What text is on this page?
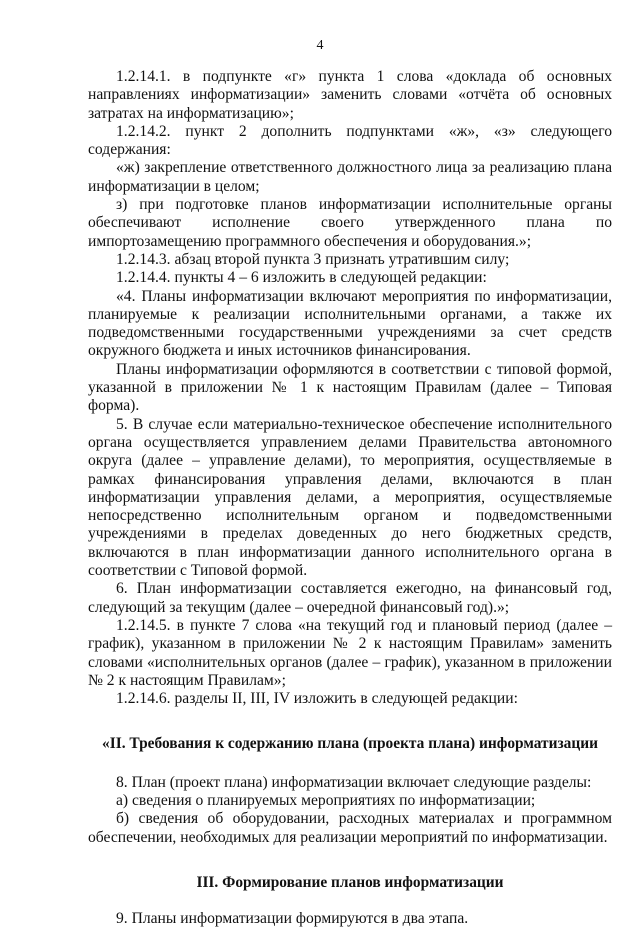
4

1.2.14.1. в подпункте «г» пункта 1 слова «доклада об основных направлениях информатизации» заменить словами «отчёта об основных затратах на информатизацию»;

1.2.14.2. пункт 2 дополнить подпунктами «ж», «з» следующего содержания:

«ж) закрепление ответственного должностного лица за реализацию плана информатизации в целом;

з) при подготовке планов информатизации исполнительные органы обеспечивают исполнение своего утвержденного плана по импортозамещению программного обеспечения и оборудования.»;

1.2.14.3. абзац второй пункта 3 признать утратившим силу;

1.2.14.4. пункты 4 – 6 изложить в следующей редакции:

«4. Планы информатизации включают мероприятия по информатизации, планируемые к реализации исполнительными органами, а также их подведомственными государственными учреждениями за счет средств окружного бюджета и иных источников финансирования.

Планы информатизации оформляются в соответствии с типовой формой, указанной в приложении № 1 к настоящим Правилам (далее – Типовая форма).

5. В случае если материально-техническое обеспечение исполнительного органа осуществляется управлением делами Правительства автономного округа (далее – управление делами), то мероприятия, осуществляемые в рамках финансирования управления делами, включаются в план информатизации управления делами, а мероприятия, осуществляемые непосредственно исполнительным органом и подведомственными учреждениями в пределах доведенных до него бюджетных средств, включаются в план информатизации данного исполнительного органа в соответствии с Типовой формой.

6. План информатизации составляется ежегодно, на финансовый год, следующий за текущим (далее – очередной финансовый год).»;

1.2.14.5. в пункте 7 слова «на текущий год и плановый период (далее – график), указанном в приложении № 2 к настоящим Правилам» заменить словами «исполнительных органов (далее – график), указанном в приложении № 2 к настоящим Правилам»;

1.2.14.6. разделы II, III, IV изложить в следующей редакции:

«II. Требования к содержанию плана (проекта плана) информатизации

8. План (проект плана) информатизации включает следующие разделы:

а) сведения о планируемых мероприятиях по информатизации;

б) сведения об оборудовании, расходных материалах и программном обеспечении, необходимых для реализации мероприятий по информатизации.

III. Формирование планов информатизации

9. Планы информатизации формируются в два этапа.
